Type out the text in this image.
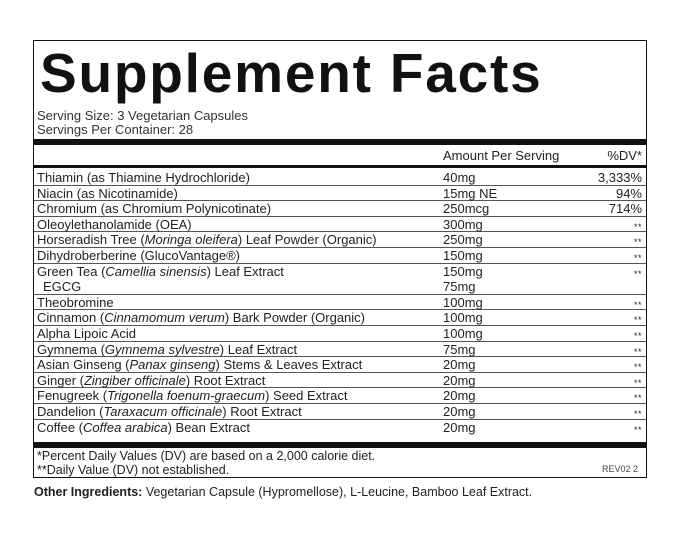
Supplement Facts
Serving Size: 3 Vegetarian Capsules
Servings Per Container: 28
Amount Per Serving	%DV*
Thiamin (as Thiamine Hydrochloride)	40mg	3,333%
Niacin (as Nicotinamide)	15mg NE	94%
Chromium (as Chromium Polynicotinate)	250mcg	714%
Oleoylethanolamide (OEA)	300mg	**
Horseradish Tree (Moringa oleifera) Leaf Powder (Organic)	250mg	**
Dihydroberberine (GlucoVantage®)	150mg	**
Green Tea (Camellia sinensis) Leaf Extract	150mg	**
EGCG	75mg
Theobromine	100mg	**
Cinnamon (Cinnamomum verum) Bark Powder (Organic)	100mg	**
Alpha Lipoic Acid	100mg	**
Gymnema (Gymnema sylvestre) Leaf Extract	75mg	**
Asian Ginseng (Panax ginseng) Stems & Leaves Extract	20mg	**
Ginger (Zingiber officinale) Root Extract	20mg	**
Fenugreek (Trigonella foenum-graecum) Seed Extract	20mg	**
Dandelion (Taraxacum officinale) Root Extract	20mg	**
Coffee (Coffea arabica) Bean Extract	20mg	**
*Percent Daily Values (DV) are based on a 2,000 calorie diet.
**Daily Value (DV) not established.	REV02 2
Other Ingredients: Vegetarian Capsule (Hypromellose), L-Leucine, Bamboo Leaf Extract.
